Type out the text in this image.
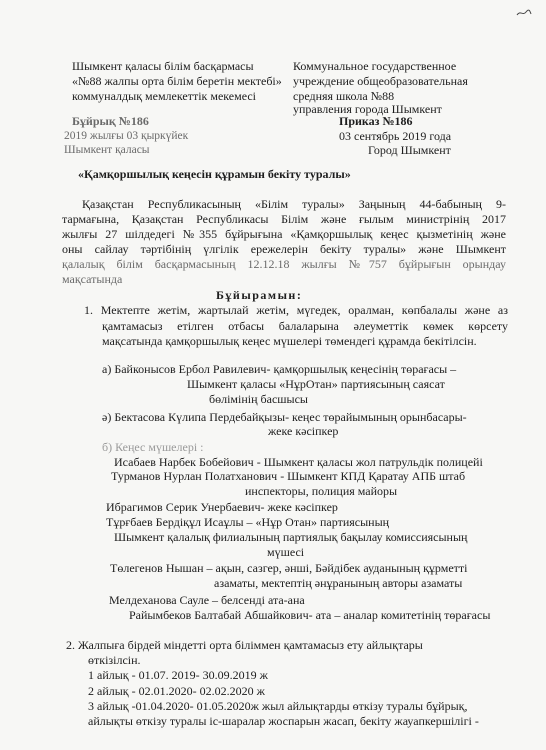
Шымкент қаласы білім басқармасы
«№88 жалпы орта білім беретін мектебі»
коммуналдық мемлекеттік мекемесі
Коммунальное государственное
учреждение общеобразовательная
средняя школа №88
управления города Шымкент
Бұйрық №186
2019 жылғы 03 қыркүйек
Шымкент қаласы
Приказ №186
03 сентябрь 2019 года
Город Шымкент
«Қамқоршылық кеңесін құрамын бекіту туралы»
Қазақстан Республикасының «Білім туралы» Заңының 44-бабының 9-
тармағына, Қазақстан Республикасы Білім және ғылым министрінің 2017
жылғы 27 шілдедегі №355 бұйрығына «Қамқоршылық кеңес қызметінің және
оны сайлау тәртібінің үлгілік ережелерін бекіту туралы» және Шымкент
қалалық білім басқармасының 12.12.18 жылғы №757 бұйрығын орындау
мақсатында
Бұйырамын:
1. Мектепте жетім, жартылай жетім, мүгедек, оралман, көпбалалы және аз
қамтамасыз етілген отбасы балаларына әлеуметтік көмек көрсету
мақсатында қамқоршылық кеңес мүшелері төмендегі құрамда бекітілсін.
а) Байконысов Ербол Равилевич- қамқоршылық кеңесінің төрағасы –
Шымкент қаласы «НұрОтан» партиясының саясат
бөлімінің басшысы
ә) Бектасова Күлипа Пердебайқызы- кеңес төрайымының орынбасары-
жеке кәсіпкер
б) Кеңес мүшелері :
Исабаев Нарбек Бобейович - Шымкент қаласы жол патрульдік полицейі
Турманов Нурлан Полатханович - Шымкент КПД Қаратау АПБ штаб
инспекторы, полиция майоры
Ибрагимов Серик Унербаевич- жеке кәсіпкер
Тұрғбаев Бердіқұл Исаұлы – «Нұр Отан» партиясының
Шымкент қалалық филиалының партиялық бақылау комиссиясының
мүшесі
Төлегенов Нышан – ақын, сазгер, әнші, Бәйдібек ауданының құрметті
азаматы, мектептің әнұранының авторы азаматы
Мелдеханова Сауле – белсенді ата-ана
Райымбеков Балтабай Абшайкович- ата – аналар комитетінің төрағасы
2. Жалпыға бірдей міндетті орта біліммен қамтамасыз ету айлықтары
өткізілсін.
1 айлық - 01.07. 2019- 30.09.2019 ж
2 айлық - 02.01.2020- 02.02.2020 ж
3 айлық -01.04.2020- 01.05.2020ж жыл айлықтарды өткізу туралы бұйрық,
айлықты өткізу туралы іс-шаралар жоспарын жасап, бекіту жауапкершілігі -
